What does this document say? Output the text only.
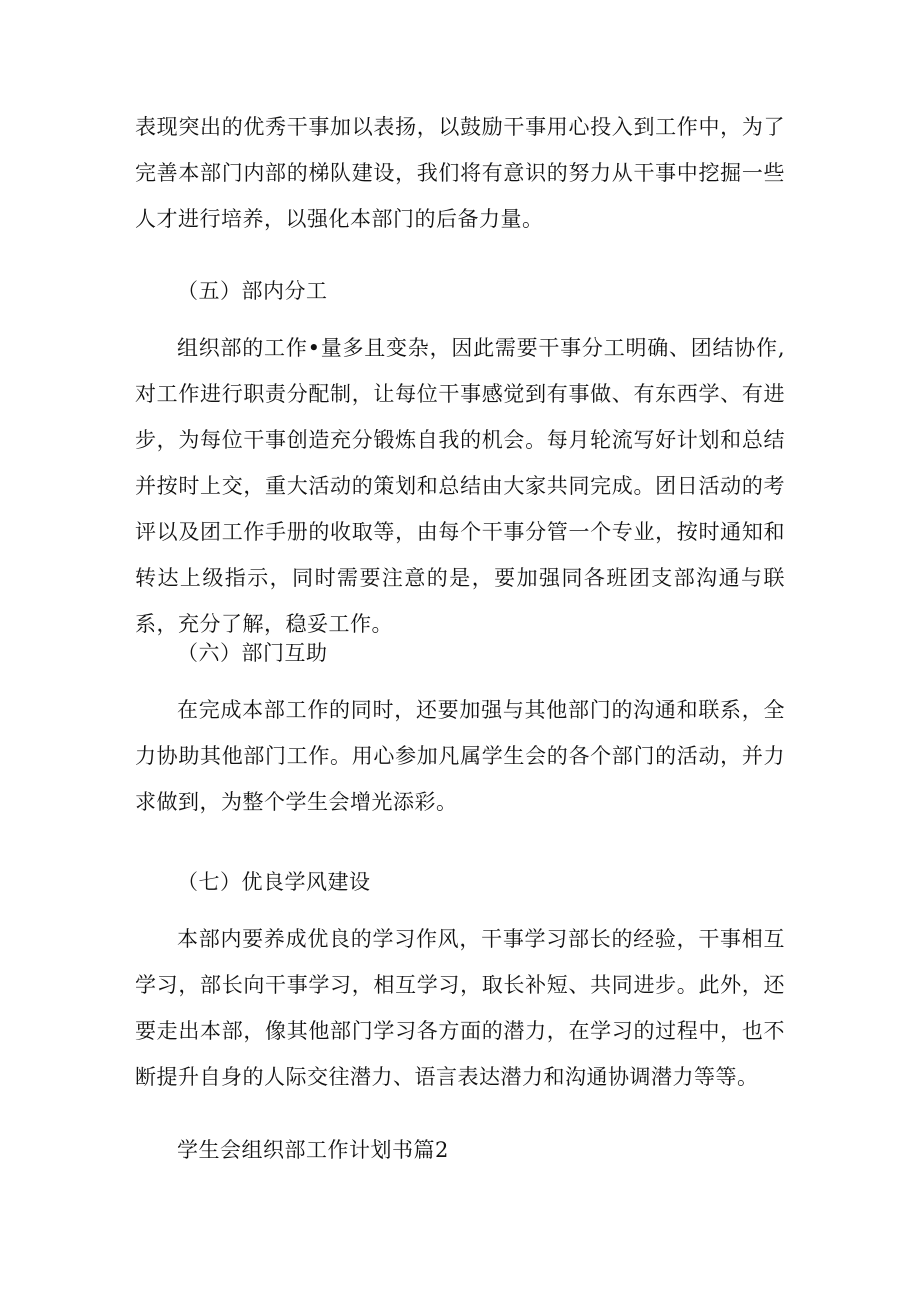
表现突出的优秀干事加以表扬，以鼓励干事用心投入到工作中，为了完善本部门内部的梯队建设，我们将有意识的努力从干事中挖掘一些人才进行培养，以强化本部门的后备力量。

（五）部内分工

组织部的工作•量多且变杂，因此需要干事分工明确、团结协作,对工作进行职责分配制，让每位干事感觉到有事做、有东西学、有进步，为每位干事创造充分锻炼自我的机会。每月轮流写好计划和总结并按时上交，重大活动的策划和总结由大家共同完成。团日活动的考评以及团工作手册的收取等，由每个干事分管一个专业，按时通知和转达上级指示，同时需要注意的是，要加强同各班团支部沟通与联系，充分了解，稳妥工作。

（六）部门互助

在完成本部工作的同时，还要加强与其他部门的沟通和联系，全力协助其他部门工作。用心参加凡属学生会的各个部门的活动，并力求做到，为整个学生会增光添彩。

（七）优良学风建设

本部内要养成优良的学习作风，干事学习部长的经验，干事相互学习，部长向干事学习，相互学习，取长补短、共同进步。此外，还要走出本部，像其他部门学习各方面的潜力，在学习的过程中，也不断提升自身的人际交往潜力、语言表达潜力和沟通协调潜力等等。

学生会组织部工作计划书篇2
